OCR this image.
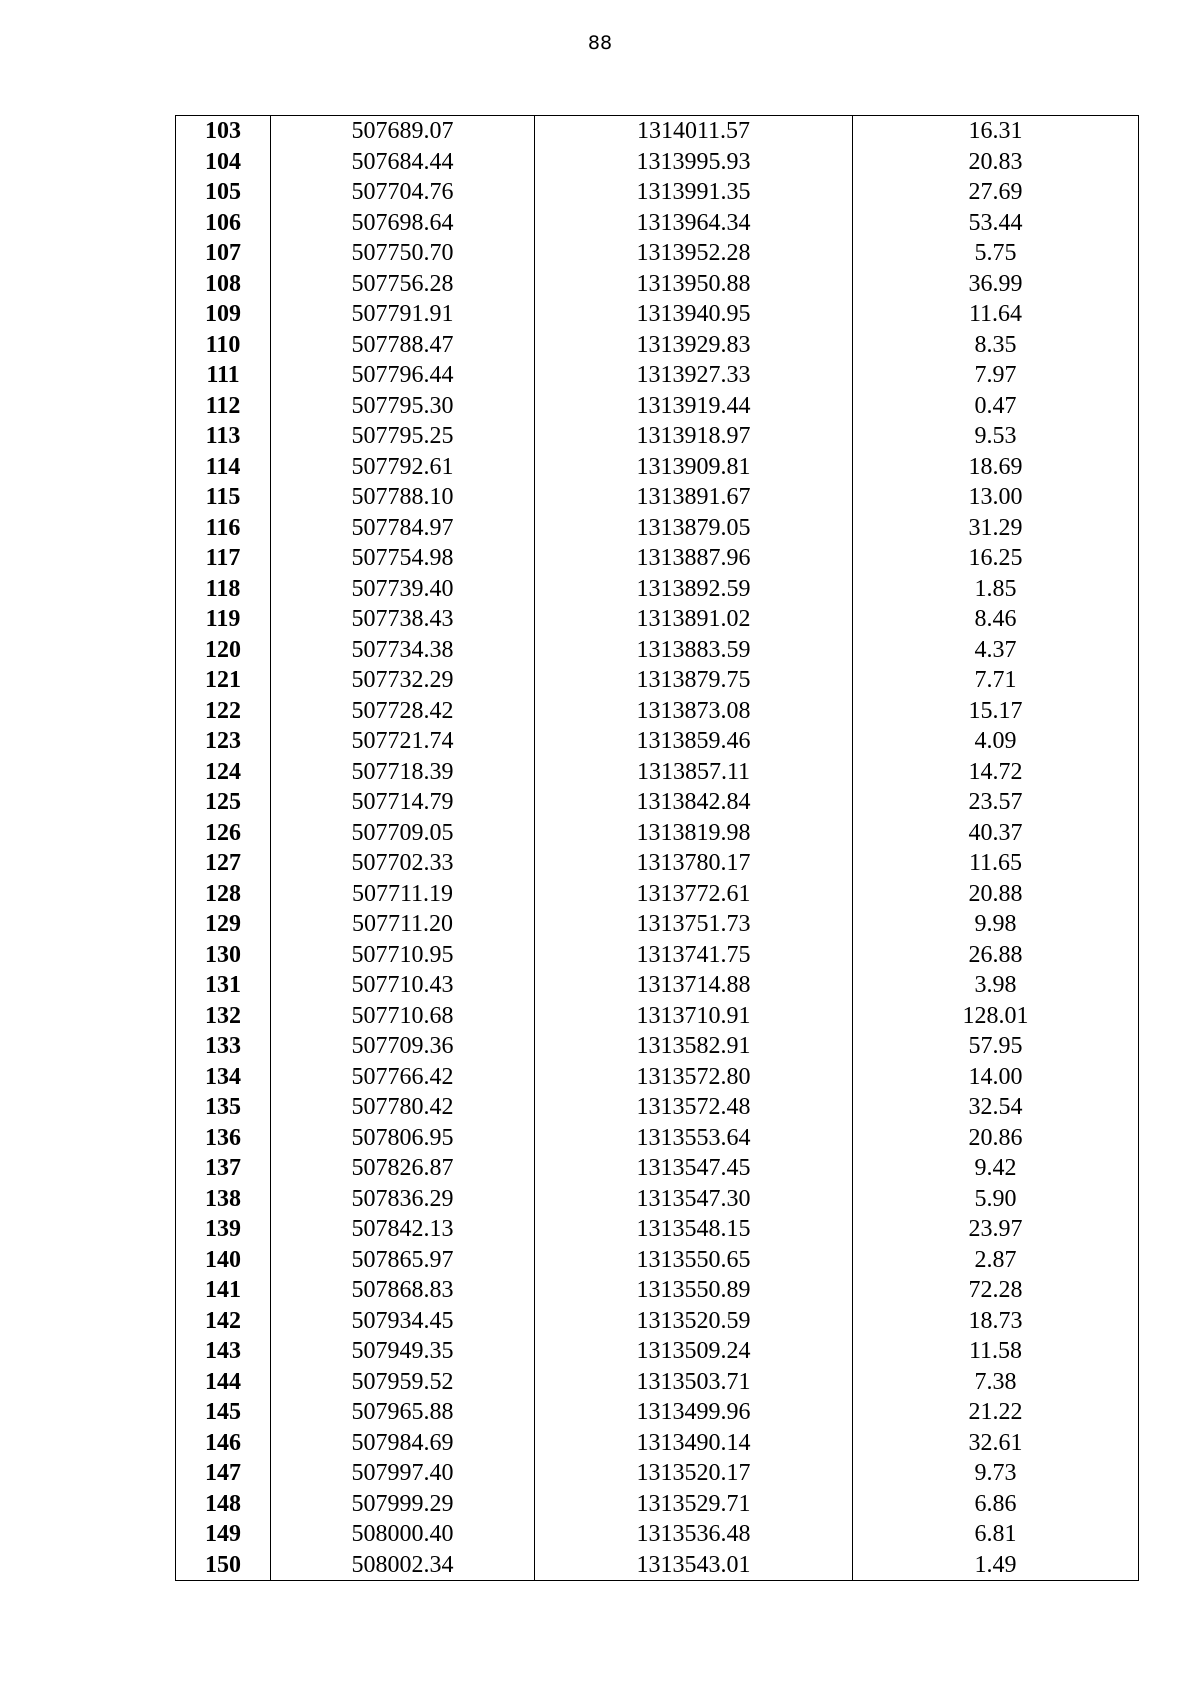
88
103	507689.07	1314011.57	16.31
104	507684.44	1313995.93	20.83
105	507704.76	1313991.35	27.69
106	507698.64	1313964.34	53.44
107	507750.70	1313952.28	5.75
108	507756.28	1313950.88	36.99
109	507791.91	1313940.95	11.64
110	507788.47	1313929.83	8.35
111	507796.44	1313927.33	7.97
112	507795.30	1313919.44	0.47
113	507795.25	1313918.97	9.53
114	507792.61	1313909.81	18.69
115	507788.10	1313891.67	13.00
116	507784.97	1313879.05	31.29
117	507754.98	1313887.96	16.25
118	507739.40	1313892.59	1.85
119	507738.43	1313891.02	8.46
120	507734.38	1313883.59	4.37
121	507732.29	1313879.75	7.71
122	507728.42	1313873.08	15.17
123	507721.74	1313859.46	4.09
124	507718.39	1313857.11	14.72
125	507714.79	1313842.84	23.57
126	507709.05	1313819.98	40.37
127	507702.33	1313780.17	11.65
128	507711.19	1313772.61	20.88
129	507711.20	1313751.73	9.98
130	507710.95	1313741.75	26.88
131	507710.43	1313714.88	3.98
132	507710.68	1313710.91	128.01
133	507709.36	1313582.91	57.95
134	507766.42	1313572.80	14.00
135	507780.42	1313572.48	32.54
136	507806.95	1313553.64	20.86
137	507826.87	1313547.45	9.42
138	507836.29	1313547.30	5.90
139	507842.13	1313548.15	23.97
140	507865.97	1313550.65	2.87
141	507868.83	1313550.89	72.28
142	507934.45	1313520.59	18.73
143	507949.35	1313509.24	11.58
144	507959.52	1313503.71	7.38
145	507965.88	1313499.96	21.22
146	507984.69	1313490.14	32.61
147	507997.40	1313520.17	9.73
148	507999.29	1313529.71	6.86
149	508000.40	1313536.48	6.81
150	508002.34	1313543.01	1.49
